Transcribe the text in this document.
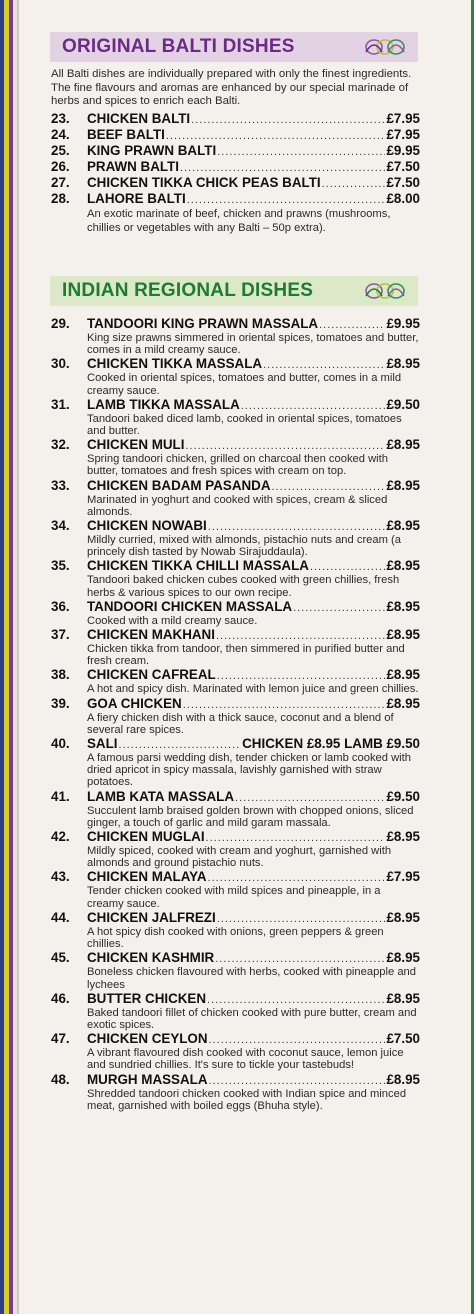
ORIGINAL BALTI DISHES
All Balti dishes are individually prepared with only the finest ingredients. The fine flavours and aromas are enhanced by our special marinade of herbs and spices to enrich each Balti.
23.	CHICKEN BALTI .....	£7.95
24.	BEEF BALTI .....	£7.95
25.	KING PRAWN BALTI .....	£9.95
26.	PRAWN BALTI .....	£7.50
27.	CHICKEN TIKKA CHICK PEAS BALTI .....	£7.50
28.	LAHORE BALTI .....	£8.00
An exotic marinate of beef, chicken and prawns (mushrooms, chillies or vegetables with any Balti – 50p extra).
INDIAN REGIONAL DISHES
29.	TANDOORI KING PRAWN MASSALA .....	£9.95
King size prawns simmered in oriental spices, tomatoes and butter, comes in a mild creamy sauce.
30.	CHICKEN TIKKA MASSALA .....	£8.95
Cooked in oriental spices, tomatoes and butter, comes in a mild creamy sauce.
31.	LAMB TIKKA MASSALA .....	£9.50
Tandoori baked diced lamb, cooked in oriental spices, tomatoes and butter.
32.	CHICKEN MULI .....	£8.95
Spring tandoori chicken, grilled on charcoal then cooked with butter, tomatoes and fresh spices with cream on top.
33.	CHICKEN BADAM PASANDA .....	£8.95
Marinated in yoghurt and cooked with spices, cream & sliced almonds.
34.	CHICKEN NOWABI .....	£8.95
Mildly curried, mixed with almonds, pistachio nuts and cream (a princely dish tasted by Nowab Sirajuddaula).
35.	CHICKEN TIKKA CHILLI MASSALA .....	£8.95
Tandoori baked chicken cubes cooked with green chillies, fresh herbs & various spices to our own recipe.
36.	TANDOORI CHICKEN MASSALA .....	£8.95
Cooked with a mild creamy sauce.
37.	CHICKEN MAKHANI .....	£8.95
Chicken tikka from tandoor, then simmered in purified butter and fresh cream.
38.	CHICKEN CAFREAL .....	£8.95
A hot and spicy dish. Marinated with lemon juice and green chillies.
39.	GOA CHICKEN .....	£8.95
A fiery chicken dish with a thick sauce, coconut and a blend of several rare spices.
40.	SALI .....	CHICKEN £8.95 LAMB £9.50
A famous parsi wedding dish, tender chicken or lamb cooked with dried apricot in spicy massala, lavishly garnished with straw potatoes.
41.	LAMB KATA MASSALA .....	£9.50
Succulent lamb braised golden brown with chopped onions, sliced ginger, a touch of garlic and mild garam massala.
42.	CHICKEN MUGLAI .....	£8.95
Mildly spiced, cooked with cream and yoghurt, garnished with almonds and ground pistachio nuts.
43.	CHICKEN MALAYA .....	£7.95
Tender chicken cooked with mild spices and pineapple, in a creamy sauce.
44.	CHICKEN JALFREZI .....	£8.95
A hot spicy dish cooked with onions, green peppers & green chillies.
45.	CHICKEN KASHMIR .....	£8.95
Boneless chicken flavoured with herbs, cooked with pineapple and lychees
46.	BUTTER CHICKEN .....	£8.95
Baked tandoori fillet of chicken cooked with pure butter, cream and exotic spices.
47.	CHICKEN CEYLON .....	£7.50
A vibrant flavoured dish cooked with coconut sauce, lemon juice and sundried chillies. It's sure to tickle your tastebuds!
48.	MURGH MASSALA .....	£8.95
Shredded tandoori chicken cooked with Indian spice and minced meat, garnished with boiled eggs (Bhuha style).
